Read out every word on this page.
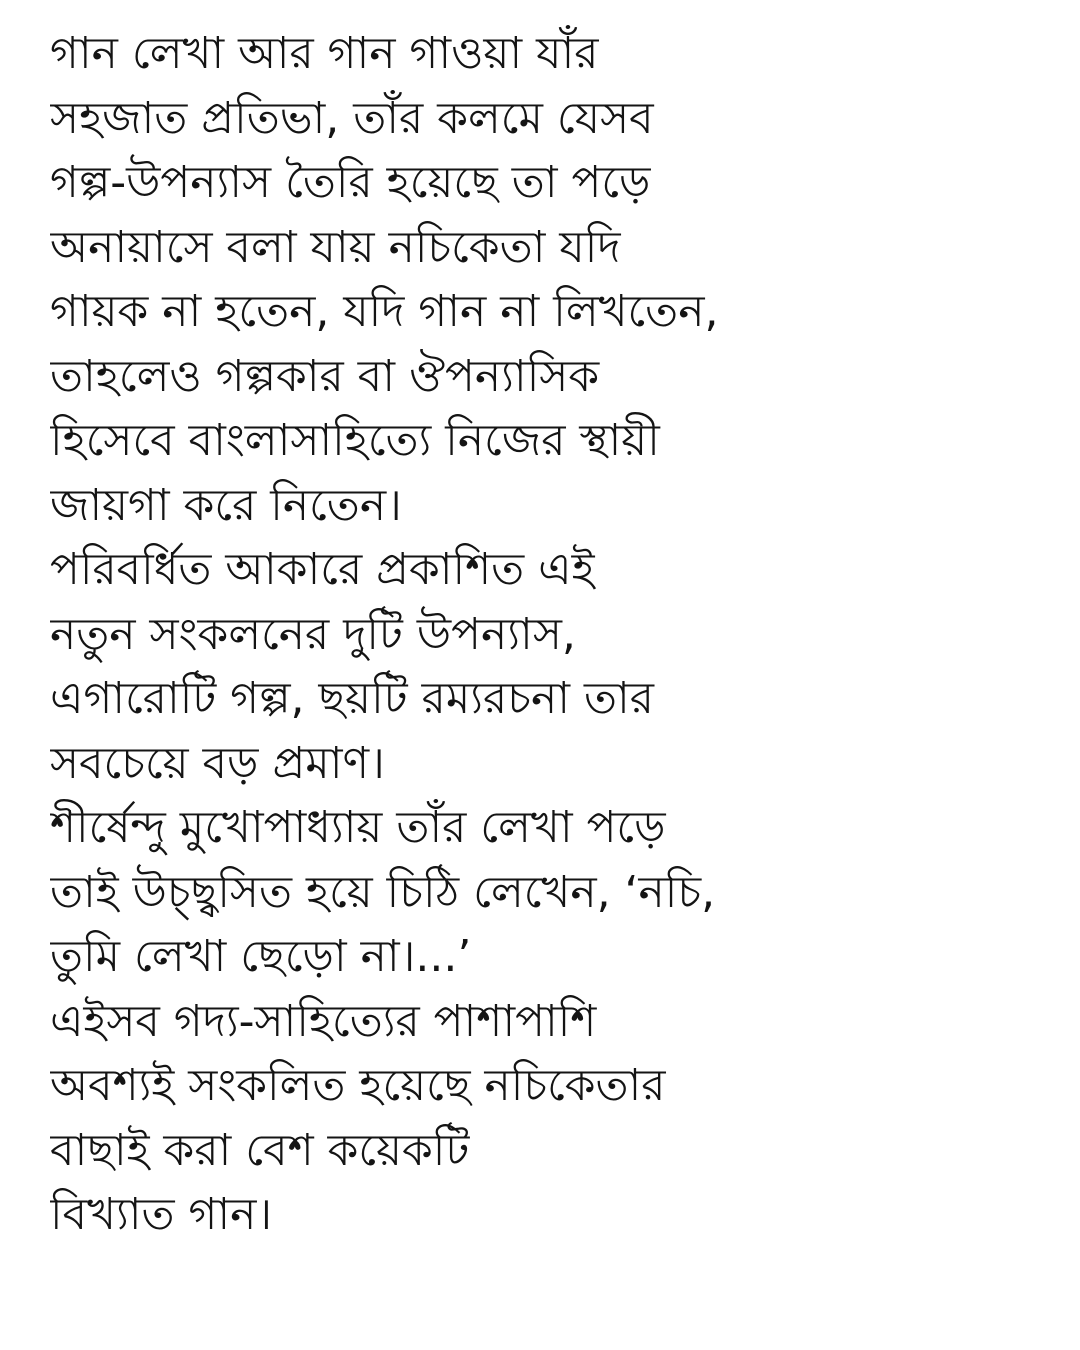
গান লেখা আর গান গাওয়া যাঁর
সহজাত প্রতিভা, তাঁর কলমে যেসব
গল্প-উপন্যাস তৈরি হয়েছে তা পড়ে
অনায়াসে বলা যায় নচিকেতা যদি
গায়ক না হতেন, যদি গান না লিখতেন,
তাহলেও গল্পকার বা ঔপন্যাসিক
হিসেবে বাংলাসাহিত্যে নিজের স্থায়ী
জায়গা করে নিতেন।
পরিবর্ধিত আকারে প্রকাশিত এই
নতুন সংকলনের দুটি উপন্যাস,
এগারোটি গল্প, ছয়টি রম্যরচনা তার
সবচেয়ে বড় প্রমাণ।
শীর্ষেন্দু মুখোপাধ্যায় তাঁর লেখা পড়ে
তাই উচ্ছ্বসিত হয়ে চিঠি লেখেন, ‘নচি,
তুমি লেখা ছেড়ো না।...’
এইসব গদ্য-সাহিত্যের পাশাপাশি
অবশ্যই সংকলিত হয়েছে নচিকেতার
বাছাই করা বেশ কয়েকটি
বিখ্যাত গান।
